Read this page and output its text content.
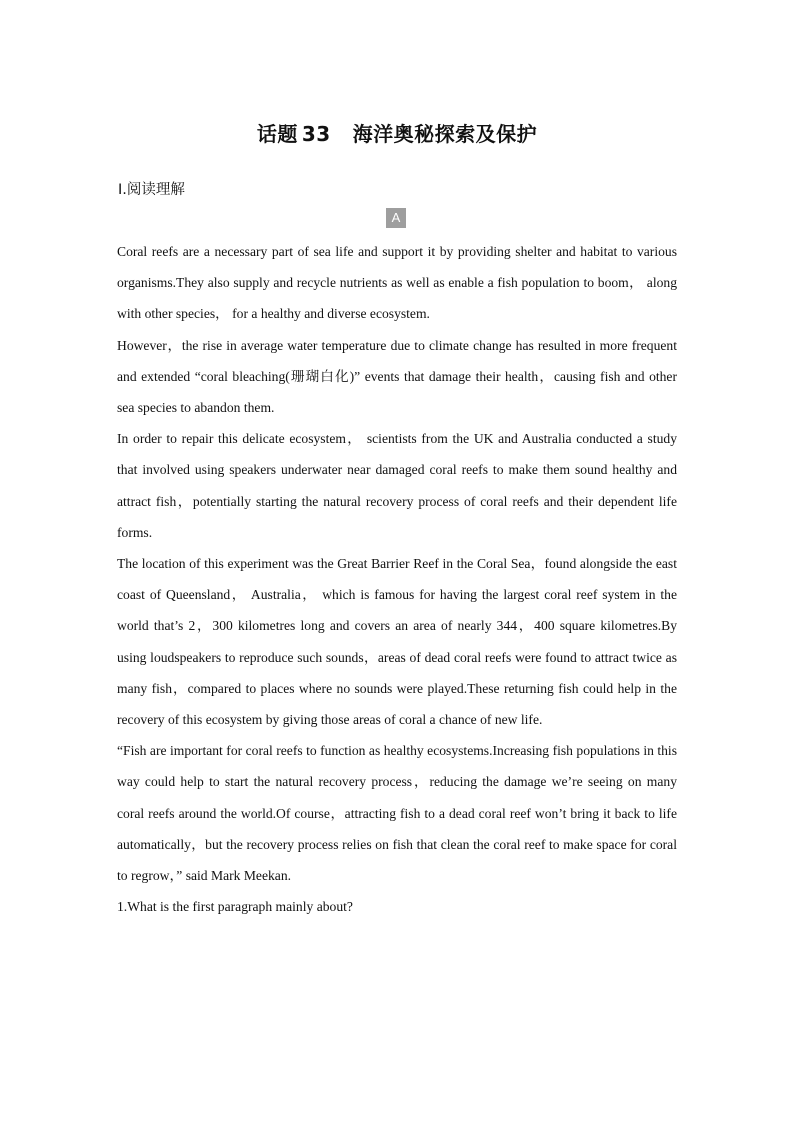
话题 33 海洋奥秘探索及保护
Ⅰ.阅读理解
A

Coral reefs are a necessary part of sea life and support it by providing shelter and habitat to various organisms.They also supply and recycle nutrients as well as enable a fish population to boom， along with other species， for a healthy and diverse ecosystem.

However，the rise in average water temperature due to climate change has resulted in more frequent and extended “coral bleaching(珊瑚白化)” events that damage their health，causing fish and other sea species to abandon them.

In order to repair this delicate ecosystem， scientists from the UK and Australia conducted a study that involved using speakers underwater near damaged coral reefs to make them sound healthy and attract fish，potentially starting the natural recovery process of coral reefs and their dependent life forms.

The location of this experiment was the Great Barrier Reef in the Coral Sea，found alongside the east coast of Queensland， Australia， which is famous for having the largest coral reef system in the world that’s 2，300 kilometres long and covers an area of nearly 344，400 square kilometres.By using loudspeakers to reproduce such sounds，areas of dead coral reefs were found to attract twice as many fish，compared to places where no sounds were played.These returning fish could help in the recovery of this ecosystem by giving those areas of coral a chance of new life.

“Fish are important for coral reefs to function as healthy ecosystems.Increasing fish populations in this way could help to start the natural recovery process，reducing the damage we’re seeing on many coral reefs around the world.Of course，attracting fish to a dead coral reef won’t bring it back to life automatically，but the recovery process relies on fish that clean the coral reef to make space for coral to regrow，” said Mark Meekan.

1.What is the first paragraph mainly about?
